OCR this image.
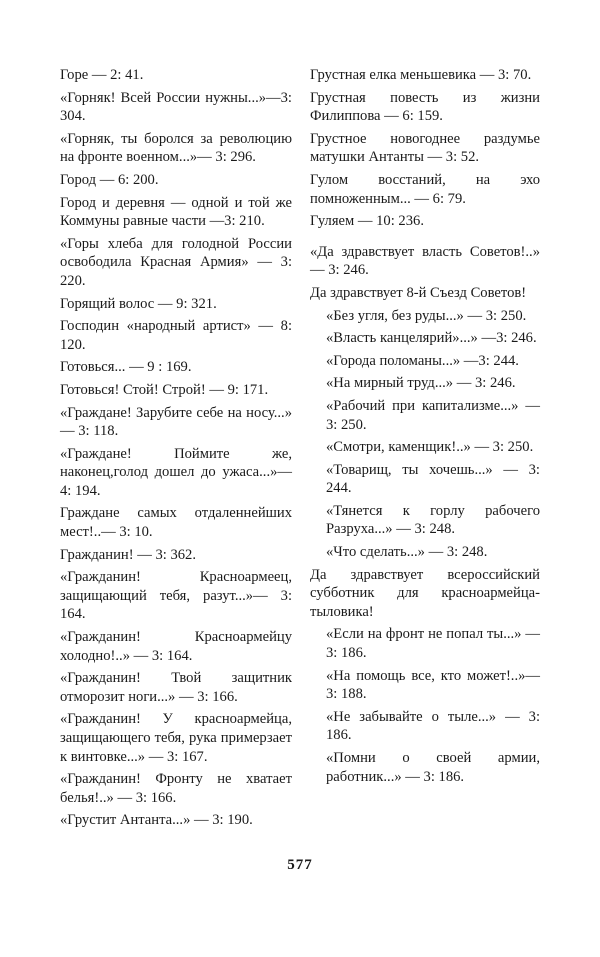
Горе — 2: 41.

«Горняк! Всей России нужны...»—3: 304.

«Горняк, ты боролся за революцию на фронте военном...»— 3: 296.

Город — 6: 200.

Город и деревня — одной и той же Коммуны равные части —3: 210.

«Горы хлеба для голодной России освободила Красная Армия» — 3: 220.

Горящий волос — 9: 321.

Господин «народный артист» — 8: 120.

Готовься... — 9 : 169.

Готовься! Стой! Строй! — 9: 171.

«Граждане! Зарубите себе на носу...» — 3: 118.

«Граждане! Поймите же, наконец,голод дошел до ужаса...»— 4: 194.

Граждане самых отдаленнейших мест!..— 3: 10.

Гражданин! — 3: 362.

«Гражданин! Красноармеец, защищающий тебя, разут...»— 3: 164.

«Гражданин! Красноармейцу холодно!..» — 3: 164.

«Гражданин! Твой защитник отморозит ноги...» — 3: 166.

«Гражданин! У красноармейца, защищающего тебя, рука примерзает к винтовке...» — 3: 167.

«Гражданин! Фронту не хватает белья!..» — 3: 166.

«Грустит Антанта...» — 3: 190.

Грустная елка меньшевика — 3: 70.

Грустная повесть из жизни Филиппова — 6: 159.

Грустное новогоднее раздумье матушки Антанты — 3: 52.

Гулом восстаний, на эхо помноженным... — 6: 79.

Гуляем — 10: 236.

«Да здравствует власть Советов!..» — 3: 246.

Да здравствует 8-й Съезд Советов!

«Без угля, без руды...» — 3: 250.

«Власть канцелярий»...» —3: 246.

«Города поломаны...» —3: 244.

«На мирный труд...» — 3: 246.

«Рабочий при капитализме...» — 3: 250.

«Смотри, каменщик!..» — 3: 250.

«Товарищ, ты хочешь...» — 3: 244.

«Тянется к горлу рабочего Разруха...» — 3: 248.

«Что сделать...» — 3: 248.

Да здравствует всероссийский субботник для красноармейца-тыловика!

«Если на фронт не попал ты...» — 3: 186.

«На помощь все, кто может!..»—3: 188.

«Не забывайте о тыле...» — 3: 186.

«Помни о своей армии, работник...» — 3: 186.

577
